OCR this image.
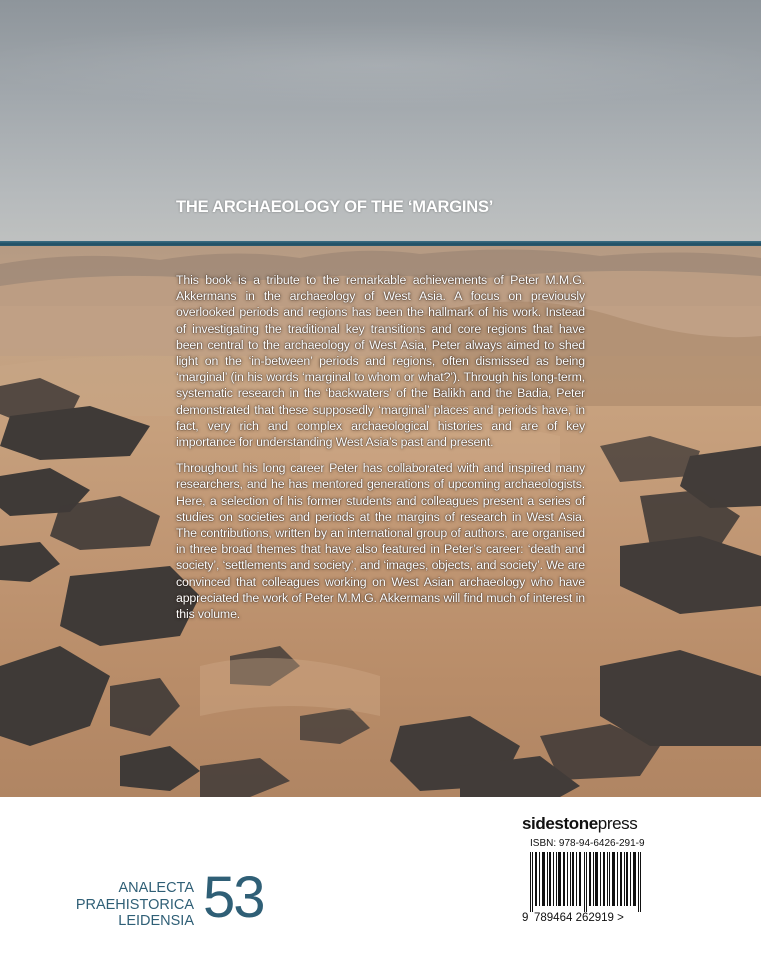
THE ARCHAEOLOGY OF THE ‘MARGINS’

This book is a tribute to the remarkable achievements of Peter M.M.G. Akkermans in the archaeology of West Asia. A focus on previously overlooked periods and regions has been the hallmark of his work. Instead of investigating the traditional key transitions and core regions that have been central to the archaeology of West Asia, Peter always aimed to shed light on the ‘in-between’ periods and regions, often dismissed as being ‘marginal’ (in his words ‘marginal to whom or what?’). Through his long-term, systematic research in the ‘backwaters’ of the Balikh and the Badia, Peter demonstrated that these supposedly ‘marginal’ places and periods have, in fact, very rich and complex archaeological histories and are of key importance for understanding West Asia’s past and present.

Throughout his long career Peter has collaborated with and inspired many researchers, and he has mentored generations of upcoming archaeologists. Here, a selection of his former students and colleagues present a series of studies on societies and periods at the margins of research in West Asia. The contributions, written by an international group of authors, are organised in three broad themes that have also featured in Peter’s career: ‘death and society’, ‘settlements and society’, and ‘images, objects, and society’. We are convinced that colleagues working on West Asian archaeology who have appreciated the work of Peter M.M.G. Akkermans will find much of interest in this volume.

ANALECTA
PRAEHISTORICA
LEIDENSIA 53
sidestonepress
ISBN: 978-94-6426-291-9
9 789464 262919 >
